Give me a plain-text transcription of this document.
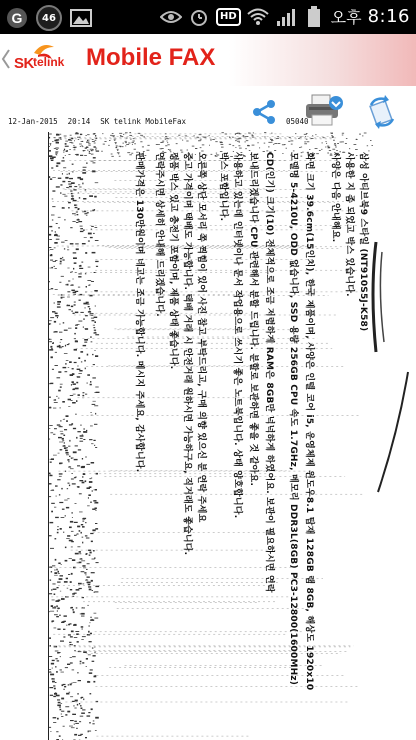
G	46	HD	오후 8:16
SK telink Mobile FAX
12-Jan-2015 20:14 SK telink MobileFax	05040
삼성 아티브북9 스타일 (NT910S5J-K58)
사용한 지 좀 되었고 박스 있습니다.
사양은 다음 안내해요.
화면 크기 39.6cm(15인치), 한국 제품이며, 사양은 인텔 코어 i5, 운영체제 윈도우8.1 탑재 128GB 램 8GB, 해상도 1920x10
모델명 5-4210U, ODD 없습니다, SSD 용량 256GB CPU 속도 1.7GHz, 메모리 DDR3L(8GB) PC3-12800(1600MHz)
CD(인기) 크기(10) 전체적으로 조금 저렴하게 RAM은 8GB만 넉넉하게 하였어요. 보관이 필요하시면 연락
보내드리겠습니다 CPU 관련해서 분할 드립니다. 분할로 보관하면 좋을 것 같아요.
사용하고 있는데 인터넷이나 문서 작업용으로 쓰시기 좋은 노트북입니다. 상태 양호합니다.
박스 포함입니다.
오른쪽 상단 모서리 쪽 찍힘이 있어 사진 참고 부탁드리고, 구매 의향 있으신 분 연락 주세요
중고 가격이며 택배도 가능합니다. 택배 거래 시 안전거래 원하시면 가능하구요, 직거래도 좋습니다.
정품 박스 있고 충전기 포함이며, 제품 상태 좋습니다.
연락주시면 상세히 안내해 드리겠습니다.
판매가격은 130만원이며 네고는 조금 가능합니다. 메시지 주세요, 감사합니다.
